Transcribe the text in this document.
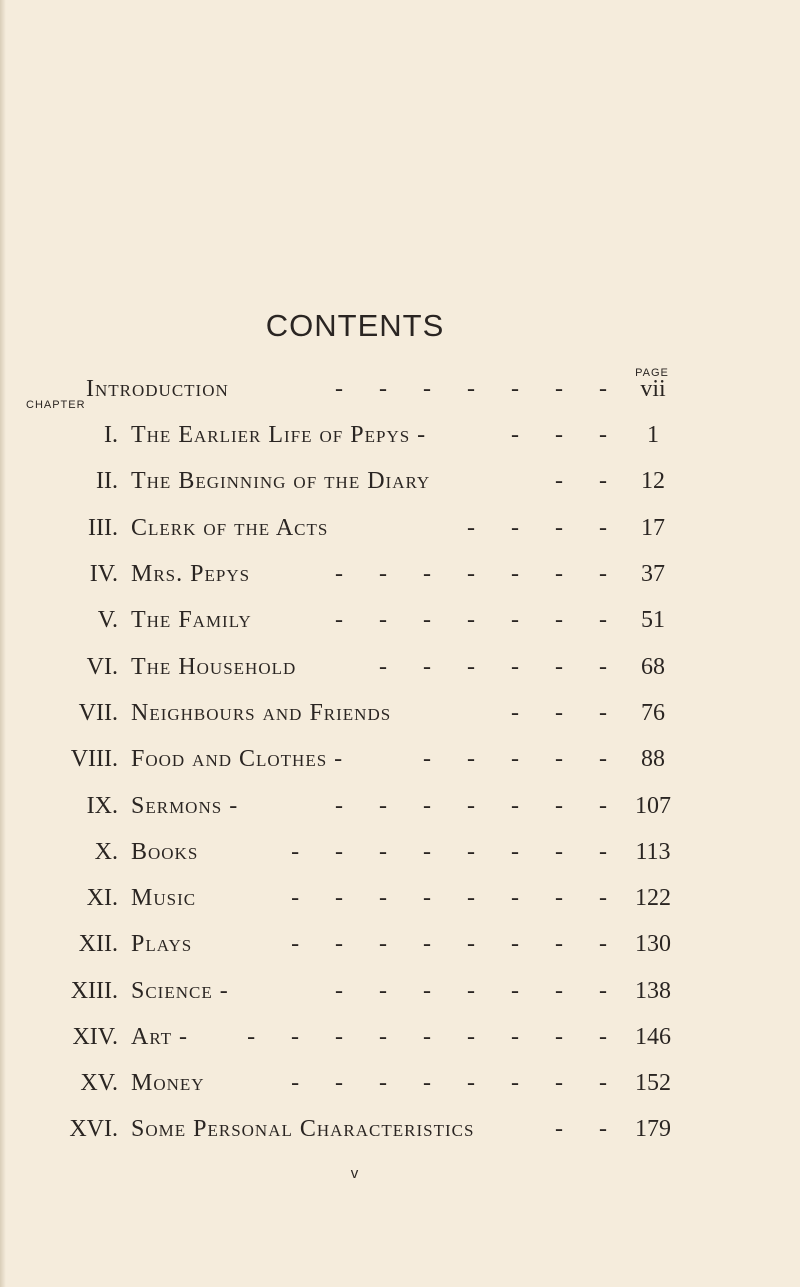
CONTENTS
PAGE
CHAPTER
Introduction	- - - - - - - vii
I. The Earlier Life of Pepys -	- - -	1
II. The Beginning of the Diary	- - 12
III. Clerk of the Acts	- - - - 17
IV. Mrs. Pepys	- - - - - - - 37
V. The Family	- - - - - - - 51
VI. The Household	- - - - - - 68
VII. Neighbours and Friends	- - - 76
VIII. Food and Clothes -	- - - - - 88
IX. Sermons -	- - - - - - - 107
X. Books	- - - - - - - - 113
XI. Music	- - - - - - - - 122
XII. Plays	- - - - - - - - 130
XIII. Science -	- - - - - - - 138
XIV. Art - - - - - - - - - - 146
XV. Money	- - - - - - - - 152
XVI. Some Personal Characteristics	- - 179
v
